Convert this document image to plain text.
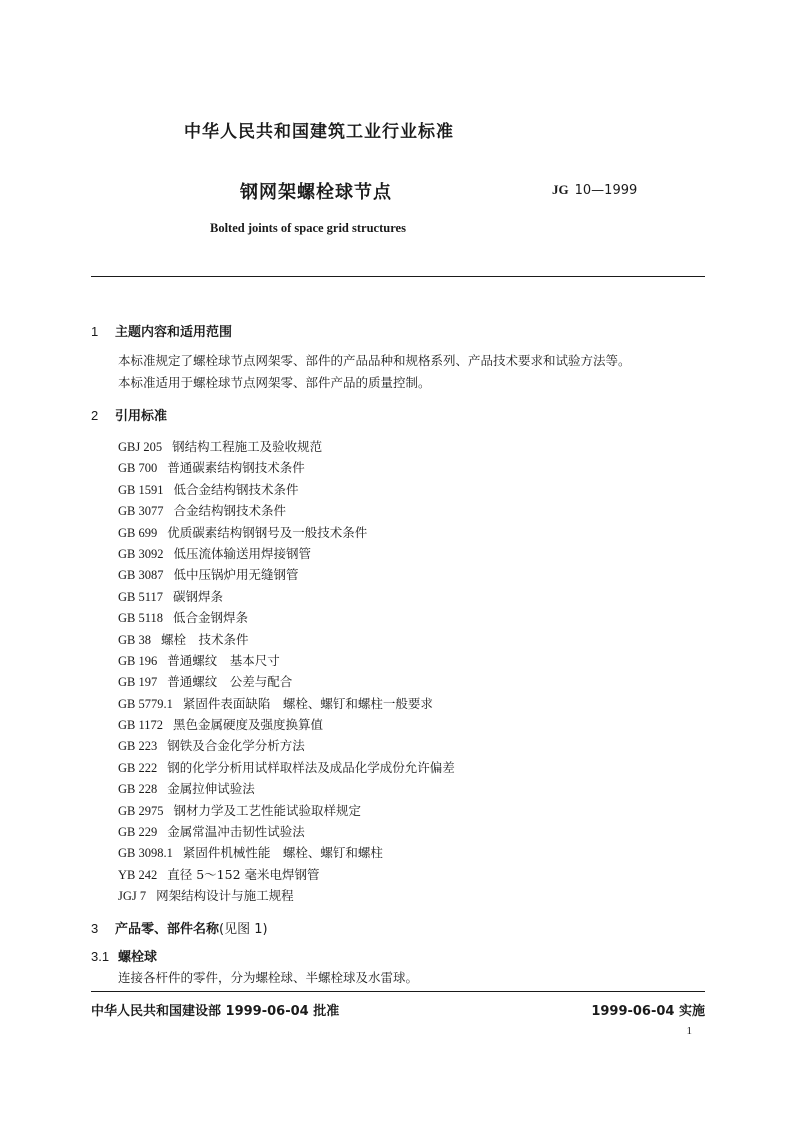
中华人民共和国建筑工业行业标准
钢网架螺栓球节点	JG 10—1999
Bolted joints of space grid structures
1 主题内容和适用范围
本标准规定了螺栓球节点网架零、部件的产品品种和规格系列、产品技术要求和试验方法等。
本标准适用于螺栓球节点网架零、部件产品的质量控制。
2 引用标准
GBJ 205 钢结构工程施工及验收规范
GB 700 普通碳素结构钢技术条件
GB 1591 低合金结构钢技术条件
GB 3077 合金结构钢技术条件
GB 699 优质碳素结构钢钢号及一般技术条件
GB 3092 低压流体输送用焊接钢管
GB 3087 低中压锅炉用无缝钢管
GB 5117 碳钢焊条
GB 5118 低合金钢焊条
GB 38 螺栓　技术条件
GB 196 普通螺纹　基本尺寸
GB 197 普通螺纹　公差与配合
GB 5779.1 紧固件表面缺陷　螺栓、螺钉和螺柱一般要求
GB 1172 黑色金属硬度及强度换算值
GB 223 钢铁及合金化学分析方法
GB 222 钢的化学分析用试样取样法及成品化学成份允许偏差
GB 228 金属拉伸试验法
GB 2975 钢材力学及工艺性能试验取样规定
GB 229 金属常温冲击韧性试验法
GB 3098.1 紧固件机械性能　螺栓、螺钉和螺柱
YB 242 直径 5～152 毫米电焊钢管
JGJ 7 网架结构设计与施工规程
3 产品零、部件名称(见图 1)
3.1 螺栓球
连接各杆件的零件，分为螺栓球、半螺栓球及水雷球。
中华人民共和国建设部 1999-06-04 批准	1999-06-04 实施
1
